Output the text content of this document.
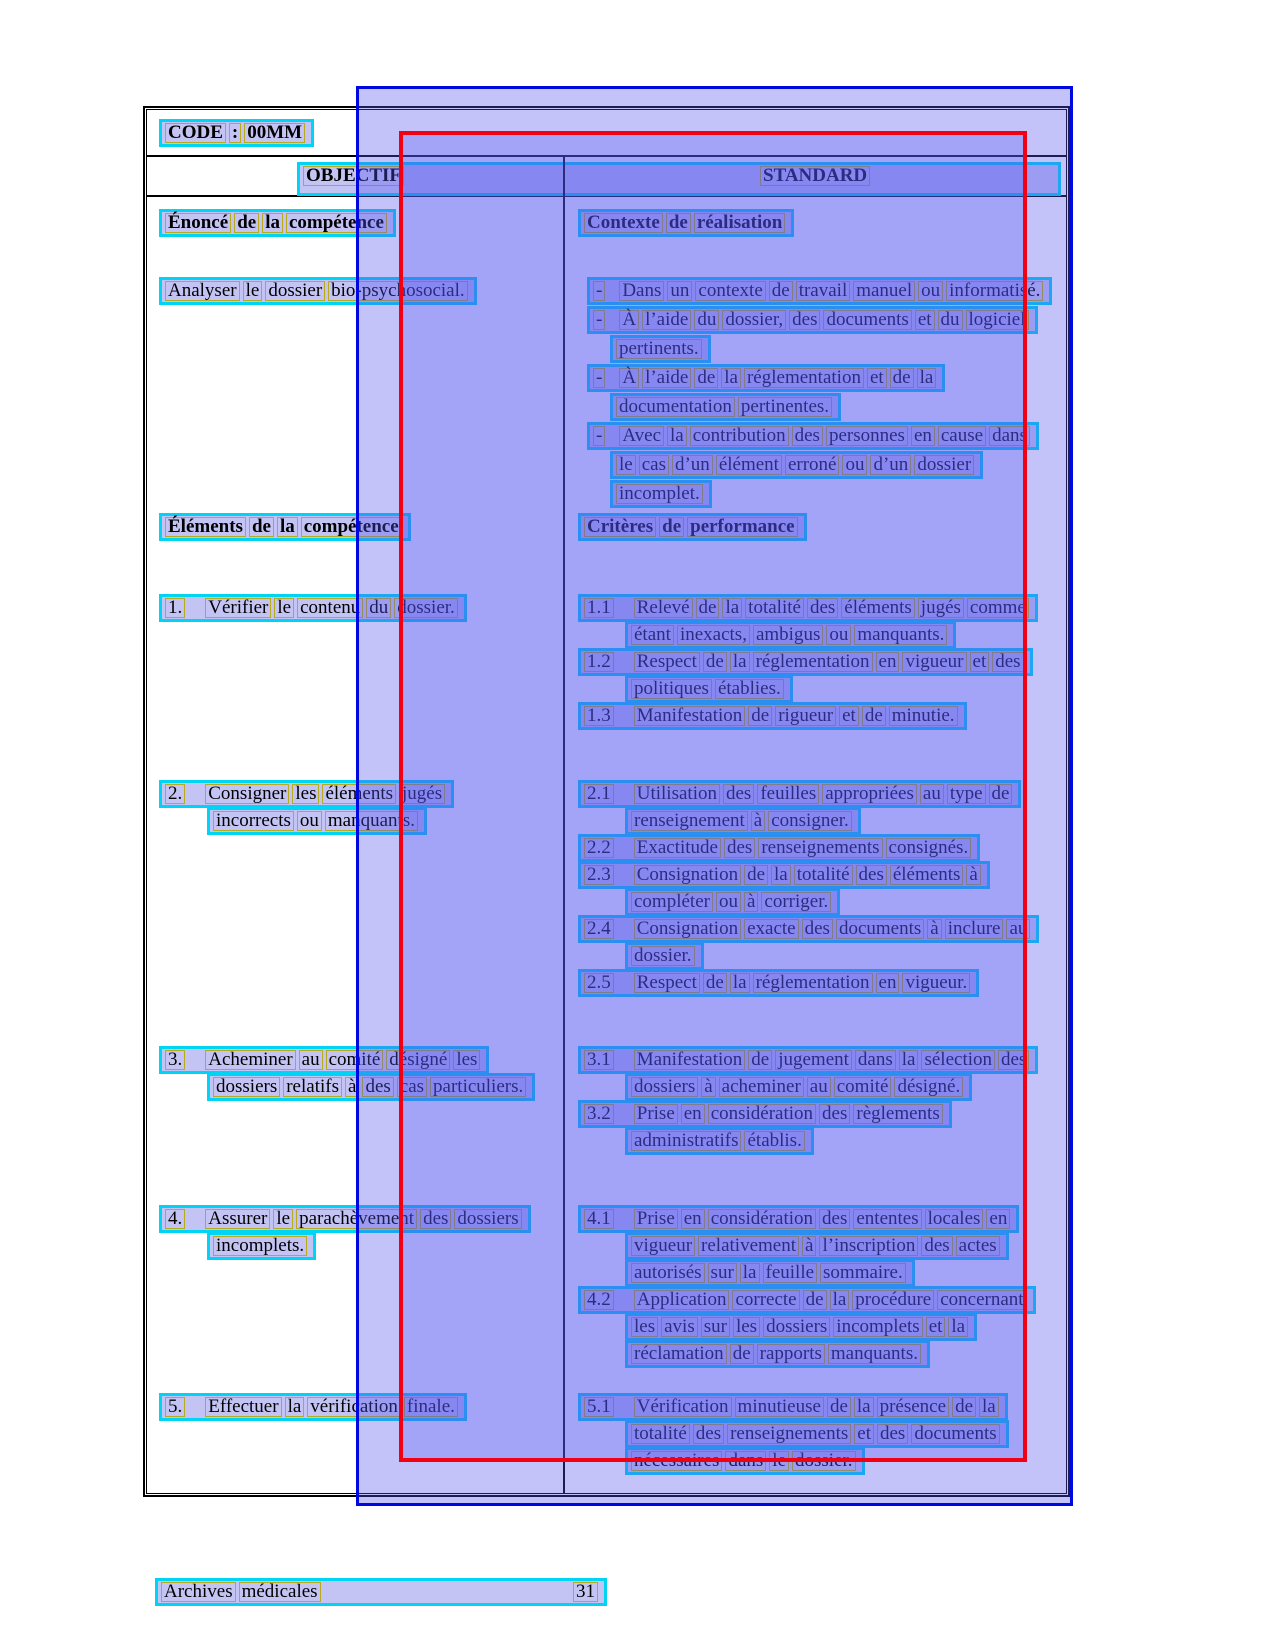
CODE : 00MM
OBJECTIF	STANDARD
Énoncé de la compétence
Analyser le dossier bio-psychosocial.
Éléments de la compétence
1. Vérifier le contenu du dossier.
2. Consigner les éléments jugés
incorrects ou manquants.
3. Acheminer au comité désigné les
dossiers relatifs à des cas particuliers.
4. Assurer le parachèvement des dossiers
incomplets.
5. Effectuer la vérification finale.
Contexte de réalisation
- Dans un contexte de travail manuel ou informatisé.
- À l’aide du dossier, des documents et du logiciel
pertinents.
- À l’aide de la réglementation et de la
documentation pertinentes.
- Avec la contribution des personnes en cause dans
le cas d’un élément erroné ou d’un dossier
incomplet.
Critères de performance
1.1 Relevé de la totalité des éléments jugés comme
étant inexacts, ambigus ou manquants.
1.2 Respect de la réglementation en vigueur et des
politiques établies.
1.3 Manifestation de rigueur et de minutie.
2.1 Utilisation des feuilles appropriées au type de
renseignement à consigner.
2.2 Exactitude des renseignements consignés.
2.3 Consignation de la totalité des éléments à
compléter ou à corriger.
2.4 Consignation exacte des documents à inclure au
dossier.
2.5 Respect de la réglementation en vigueur.
3.1 Manifestation de jugement dans la sélection des
dossiers à acheminer au comité désigné.
3.2 Prise en considération des règlements
administratifs établis.
4.1 Prise en considération des ententes locales en
vigueur relativement à l’inscription des actes
autorisés sur la feuille sommaire.
4.2 Application correcte de la procédure concernant
les avis sur les dossiers incomplets et la
réclamation de rapports manquants.
5.1 Vérification minutieuse de la présence de la
totalité des renseignements et des documents
nécessaires dans le dossier.
Archives médicales	31
